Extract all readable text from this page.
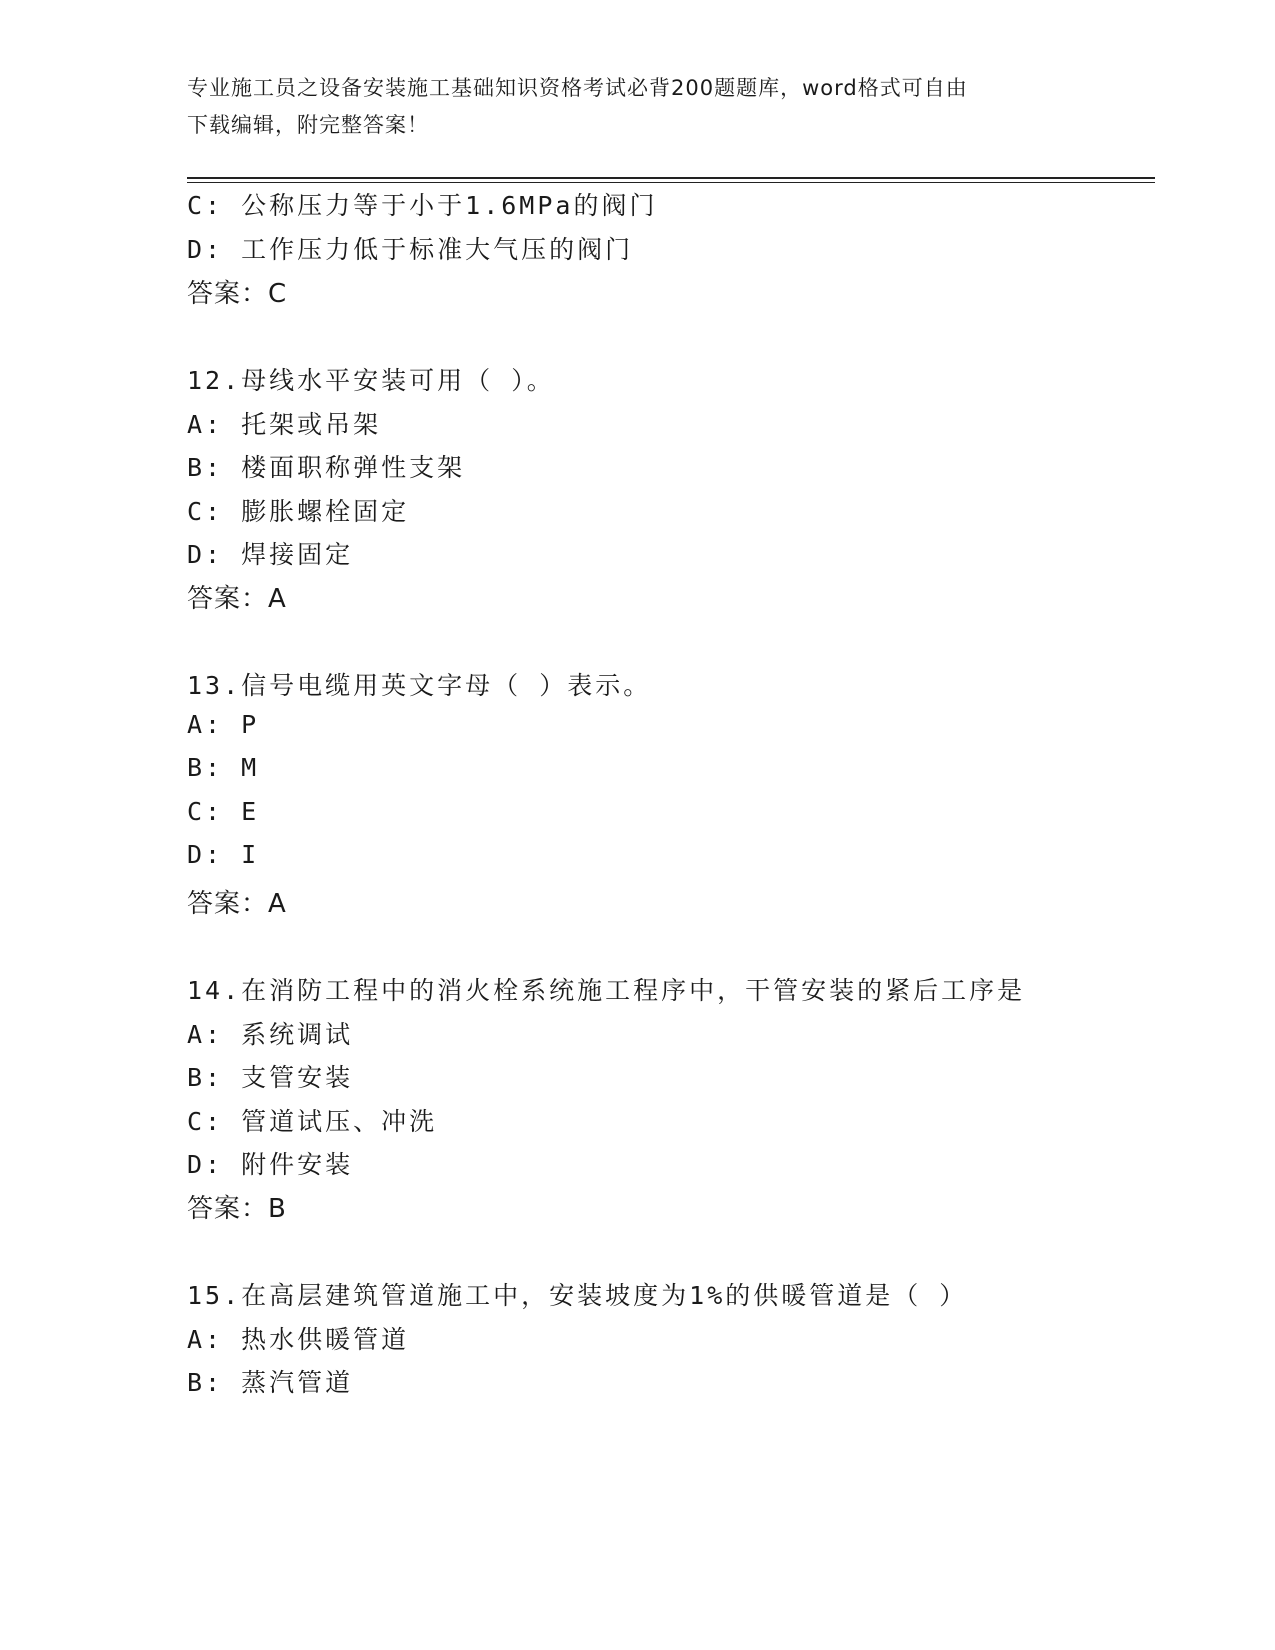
专业施工员之设备安装施工基础知识资格考试必背200题题库，word格式可自由
下载编辑，附完整答案！
C: 公称压力等于小于1.6MPa的阀门
D: 工作压力低于标准大气压的阀门
答案：C
12.母线水平安装可用（ ）。
A: 托架或吊架
B: 楼面职称弹性支架
C: 膨胀螺栓固定
D: 焊接固定
答案：A
13.信号电缆用英文字母（ ）表示。
A: P
B: M
C: E
D: I
答案：A
14.在消防工程中的消火栓系统施工程序中，干管安装的紧后工序是
A: 系统调试
B: 支管安装
C: 管道试压、冲洗
D: 附件安装
答案：B
15.在高层建筑管道施工中，安装坡度为1%的供暖管道是（ ）
A: 热水供暖管道
B: 蒸汽管道
